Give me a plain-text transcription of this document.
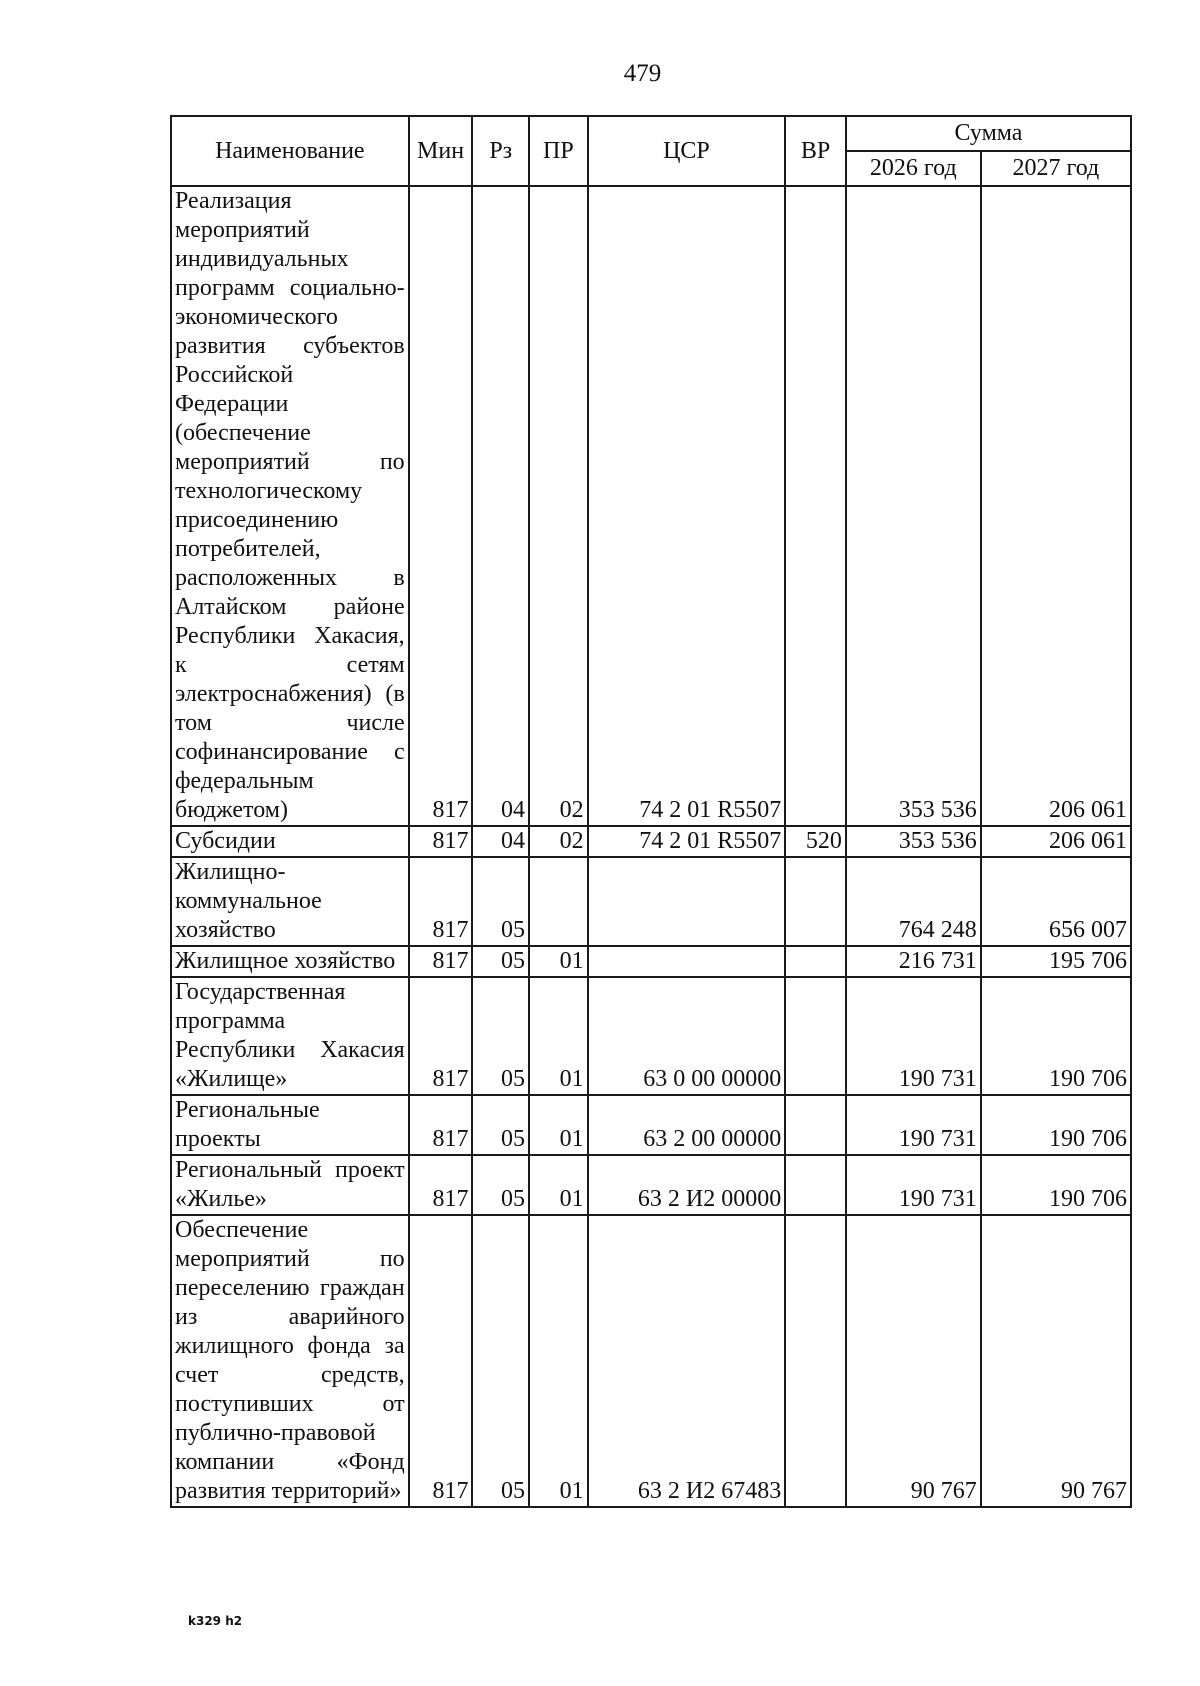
479
Наименование	Мин	Рз	ПР	ЦСР	ВР	Сумма	
						2026 год	2027 год
Реализация мероприятий индивидуальных программ социально-экономического развития субъектов Российской Федерации (обеспечение мероприятий по технологическому присоединению потребителей, расположенных в Алтайском районе Республики Хакасия, к сетям электроснабжения) (в том числе софинансирование с федеральным бюджетом)	817	04	02	74 2 01 R5507		353 536	206 061
Субсидии	817	04	02	74 2 01 R5507	520	353 536	206 061
Жилищно-коммунальное хозяйство	817	05				764 248	656 007
Жилищное хозяйство	817	05	01			216 731	195 706
Государственная программа Республики Хакасия «Жилище»	817	05	01	63 0 00 00000		190 731	190 706
Региональные проекты	817	05	01	63 2 00 00000		190 731	190 706
Региональный проект «Жилье»	817	05	01	63 2 И2 00000		190 731	190 706
Обеспечение мероприятий по переселению граждан из аварийного жилищного фонда за счет средств, поступивших от публично-правовой компании «Фонд развития территорий»	817	05	01	63 2 И2 67483		90 767	90 767
k329 h2
